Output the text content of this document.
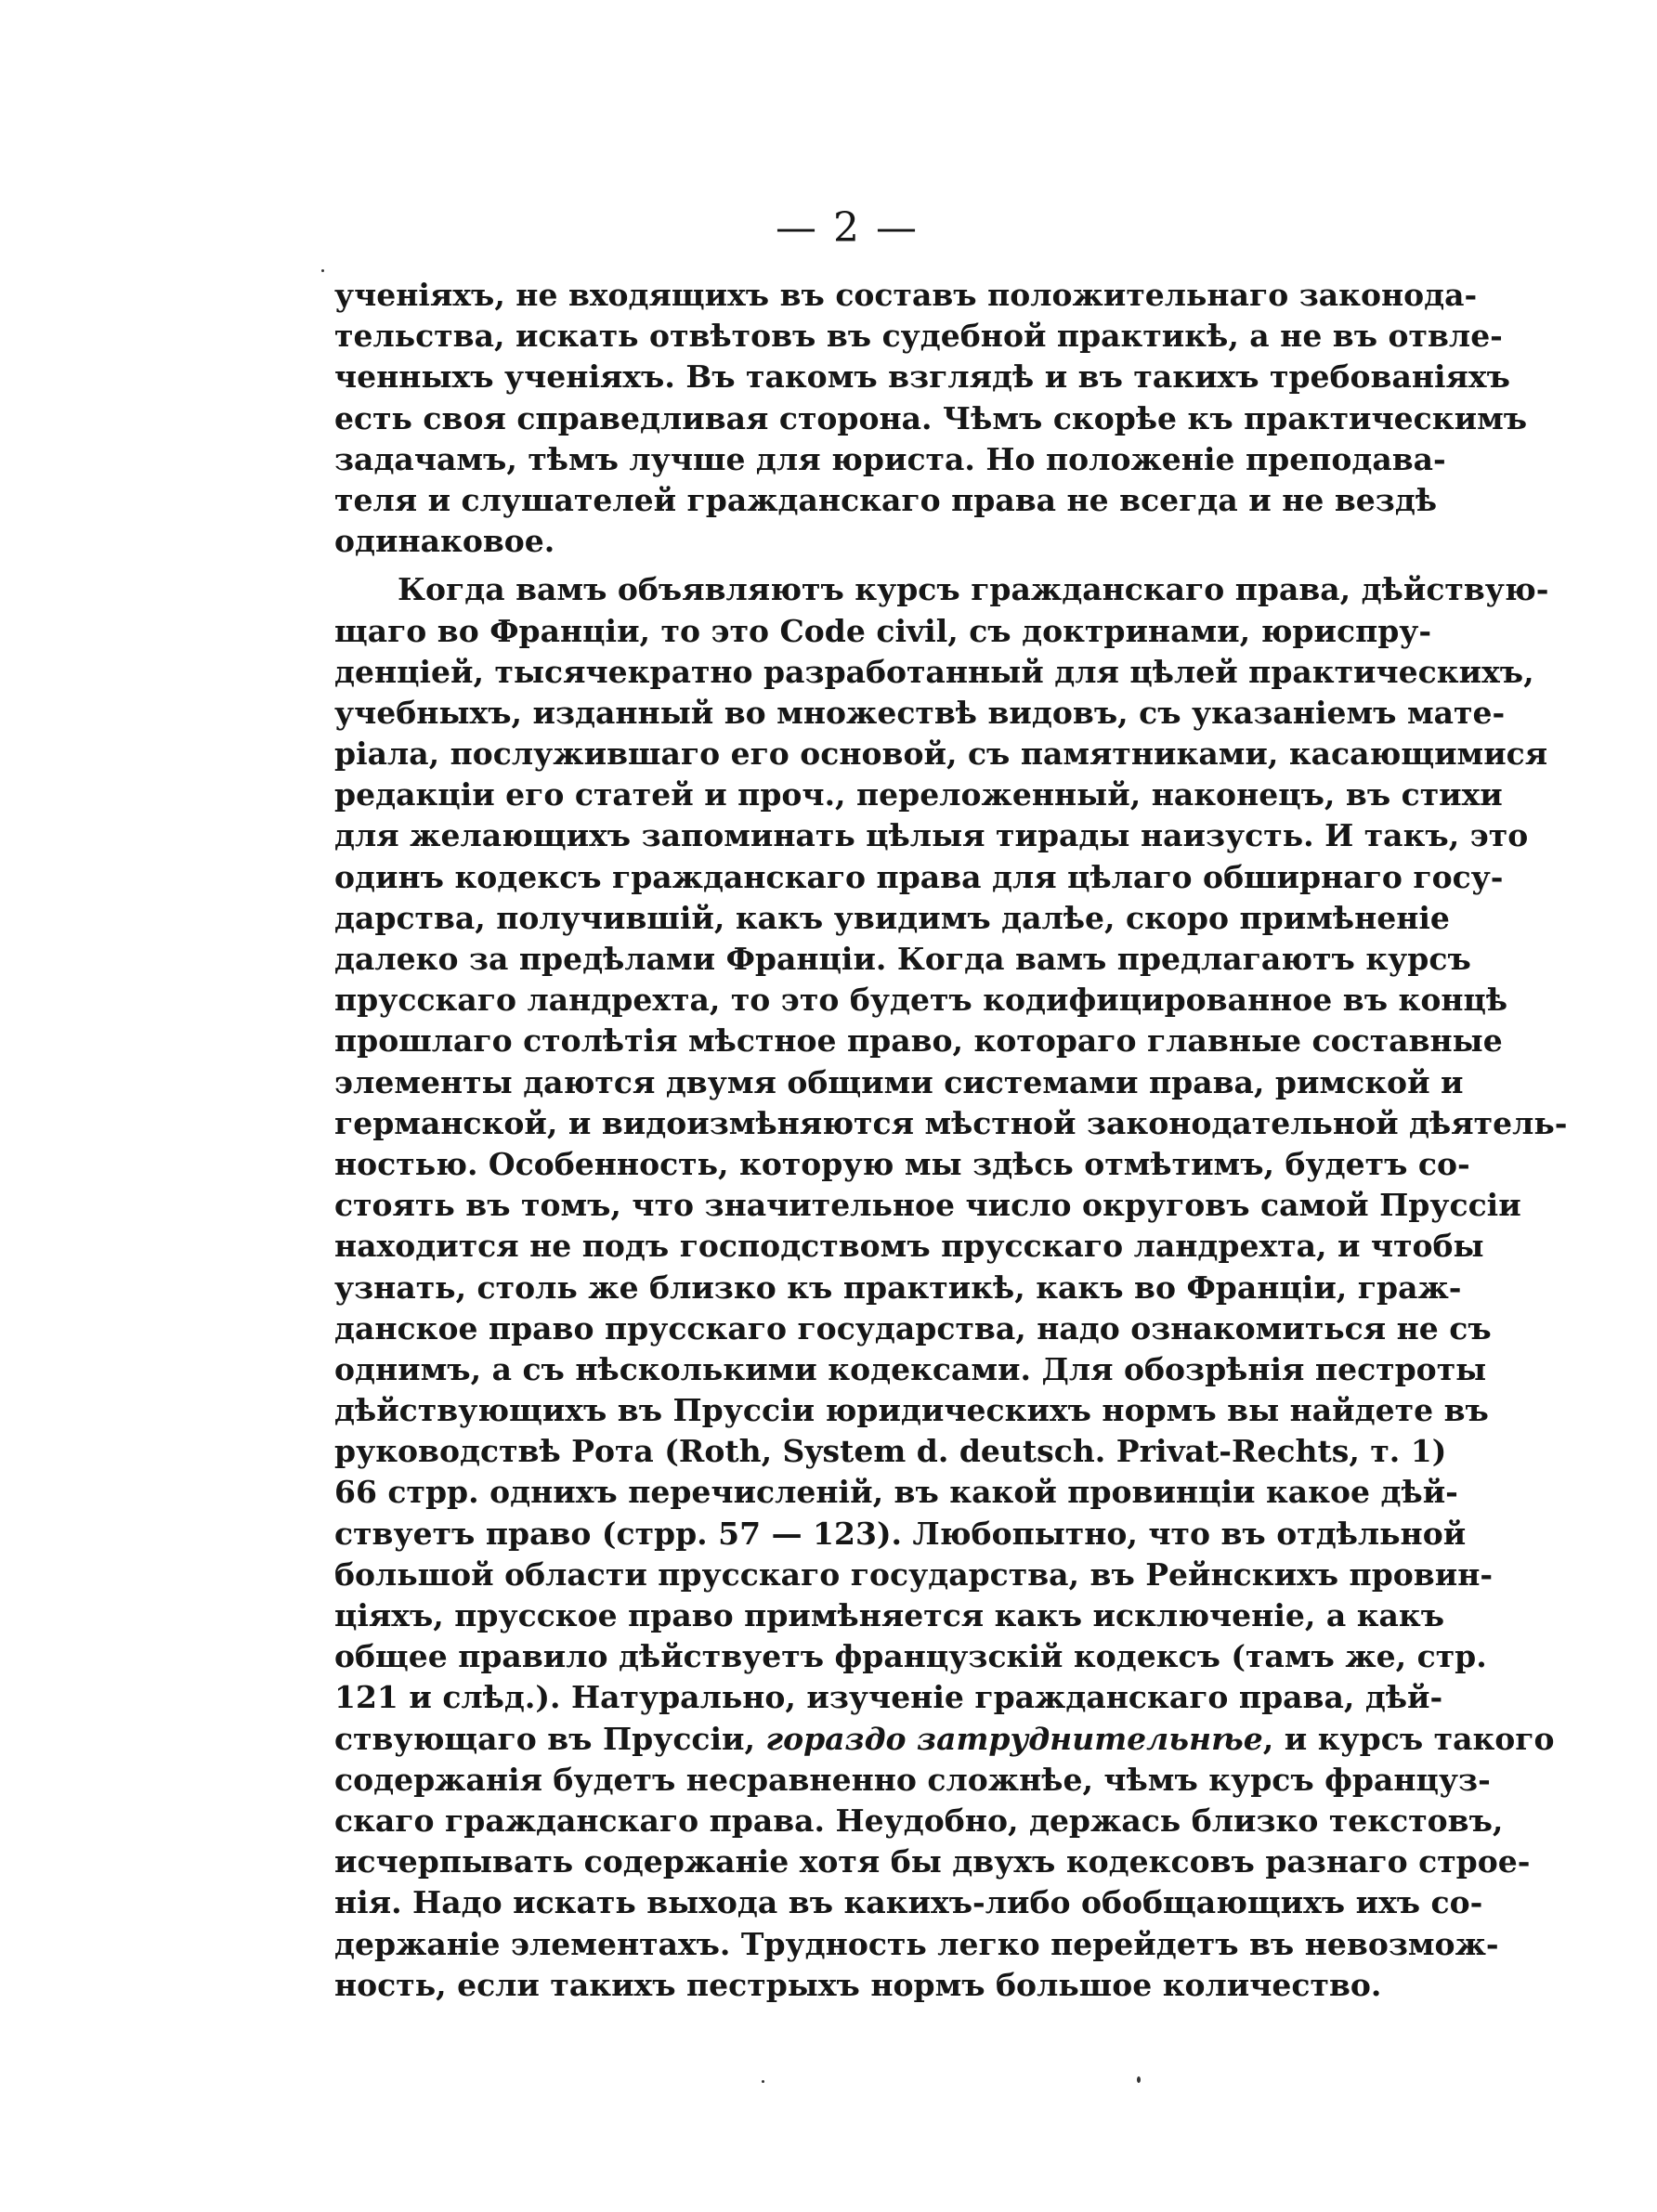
— 2 —
ученіяхъ, не входящихъ въ составъ положительнаго законода-
тельства, искать отвѣтовъ въ судебной практикѣ, а не въ отвле-
ченныхъ ученіяхъ. Въ такомъ взглядѣ и въ такихъ требованіяхъ
есть своя справедливая сторона. Чѣмъ скорѣе къ практическимъ
задачамъ, тѣмъ лучше для юриста. Но положеніе преподава-
теля и слушателей гражданскаго права не всегда и не вездѣ
одинаковое.
Когда вамъ объявляютъ курсъ гражданскаго права, дѣйствую-
щаго во Франціи, то это Code civil, съ доктринами, юриспру-
денціей, тысячекратно разработанный для цѣлей практическихъ,
учебныхъ, изданный во множествѣ видовъ, съ указаніемъ мате-
ріала, послужившаго его основой, съ памятниками, касающимися
редакціи его статей и проч., переложенный, наконецъ, въ стихи
для желающихъ запоминать цѣлыя тирады наизусть. И такъ, это
одинъ кодексъ гражданскаго права для цѣлаго обширнаго госу-
дарства, получившій, какъ увидимъ далѣе, скоро примѣненіе
далеко за предѣлами Франціи. Когда вамъ предлагаютъ курсъ
прусскаго ландрехта, то это будетъ кодифицированное въ концѣ
прошлаго столѣтія мѣстное право, котораго главные составные
элементы даются двумя общими системами права, римской и
германской, и видоизмѣняются мѣстной законодательной дѣятель-
ностью. Особенность, которую мы здѣсь отмѣтимъ, будетъ со-
стоять въ томъ, что значительное число округовъ самой Пруссіи
находится не подъ господствомъ прусскаго ландрехта, и чтобы
узнать, столь же близко къ практикѣ, какъ во Франціи, граж-
данское право прусскаго государства, надо ознакомиться не съ
однимъ, а съ нѣсколькими кодексами. Для обозрѣнія пестроты
дѣйствующихъ въ Пруссіи юридическихъ нормъ вы найдете въ
руководствѣ Рота (Roth, System d. deutsch. Privat-Rechts, т. 1)
66 стрр. однихъ перечисленій, въ какой провинціи какое дѣй-
ствуетъ право (стрр. 57 — 123). Любопытно, что въ отдѣльной
большой области прусскаго государства, въ Рейнскихъ провин-
ціяхъ, прусское право примѣняется какъ исключеніе, а какъ
общее правило дѣйствуетъ французскій кодексъ (тамъ же, стр.
121 и слѣд.). Натурально, изученіе гражданскаго права, дѣй-
ствующаго въ Пруссіи, гораздо затруднительнѣе, и курсъ такого
содержанія будетъ несравненно сложнѣе, чѣмъ курсъ француз-
скаго гражданскаго права. Неудобно, держась близко текстовъ,
исчерпывать содержаніе хотя бы двухъ кодексовъ разнаго строе-
нія. Надо искать выхода въ какихъ-либо обобщающихъ ихъ со-
держаніе элементахъ. Трудность легко перейдетъ въ невозмож-
ность, если такихъ пестрыхъ нормъ большое количество.
